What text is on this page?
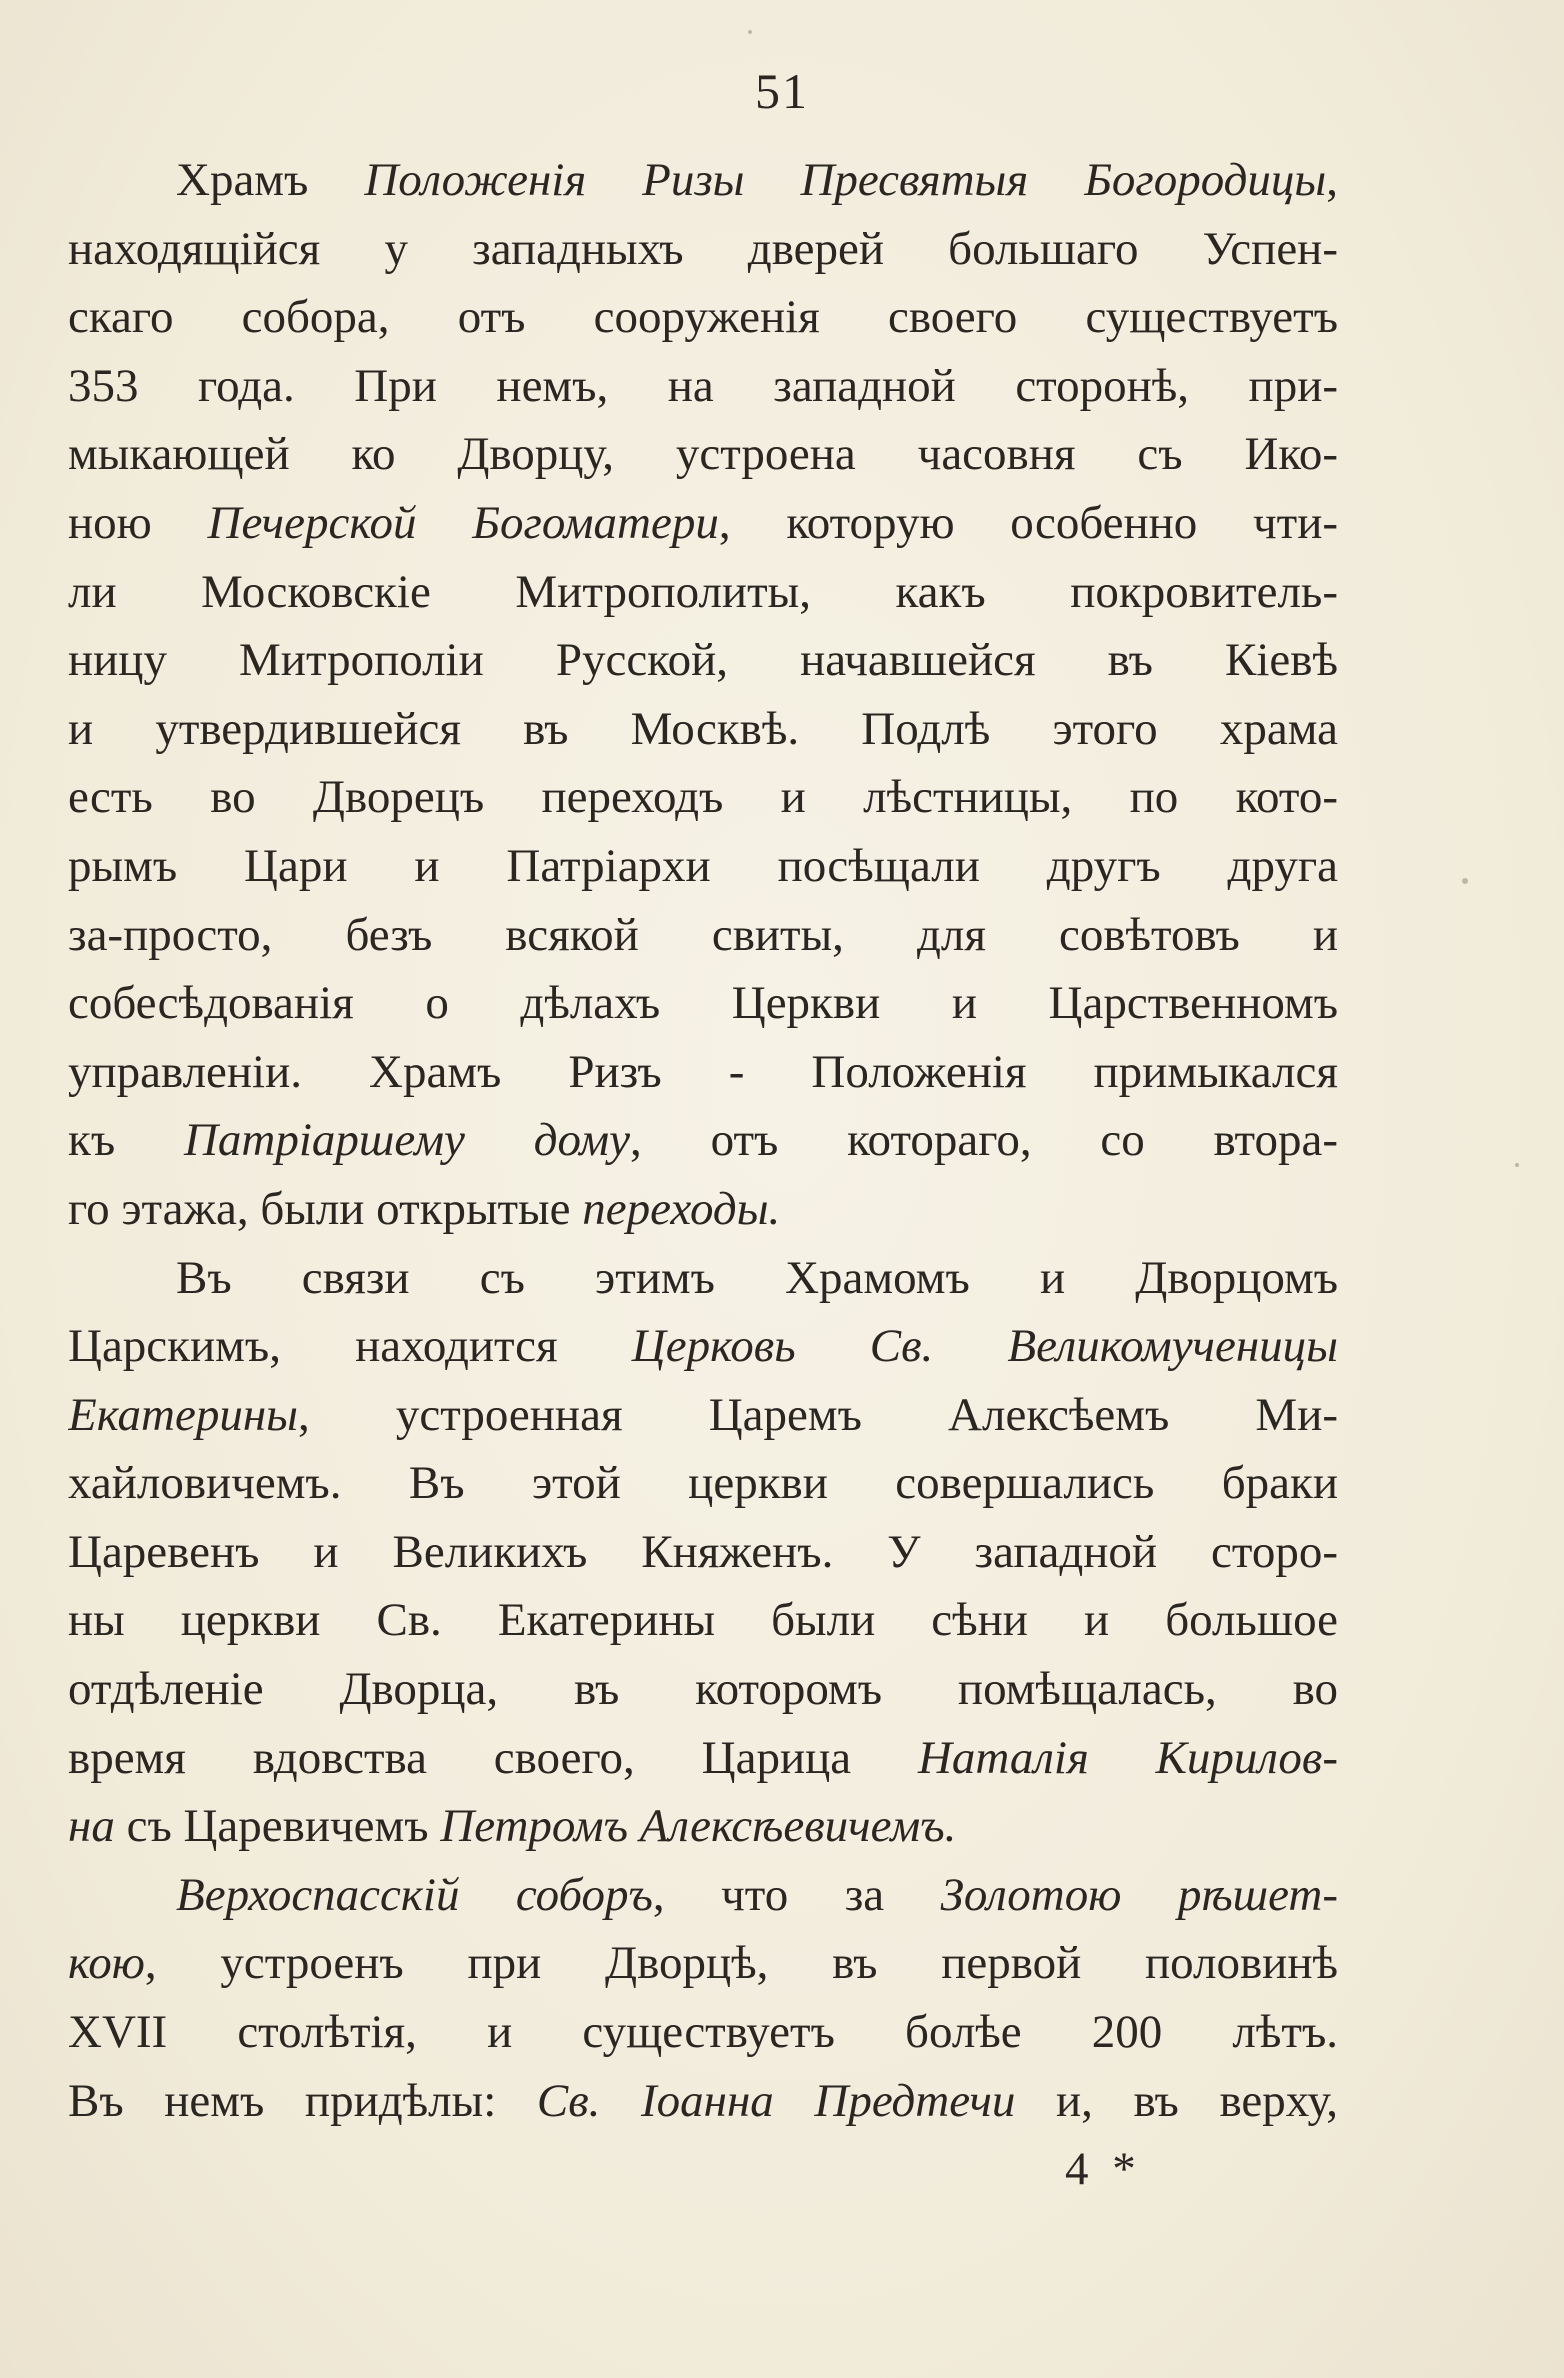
51
Храмъ Положенія Ризы Пресвятыя Богородицы,
находящійся у западныхъ дверей большаго Успен-
скаго собора, отъ сооруженія своего существуетъ
353 года. При немъ, на западной сторонѣ, при-
мыкающей ко Дворцу, устроена часовня съ Ико-
ною Печерской Богоматери, которую особенно чти-
ли Московскіе Митрополиты, какъ покровитель-
ницу Митрополіи Русской, начавшейся въ Кіевѣ
и утвердившейся въ Москвѣ. Подлѣ этого храма
есть во Дворецъ переходъ и лѣстницы, по кото-
рымъ Цари и Патріархи посѣщали другъ друга
за-просто, безъ всякой свиты, для совѣтовъ и
собесѣдованія о дѣлахъ Церкви и Царственномъ
управленіи. Храмъ Ризъ - Положенія примыкался
къ Патріаршему дому, отъ котораго, со втора-
го этажа, были открытые переходы.
Въ связи съ этимъ Храмомъ и Дворцомъ
Царскимъ, находится Церковь Св. Великомученицы
Екатерины, устроенная Царемъ Алексѣемъ Ми-
хайловичемъ. Въ этой церкви совершались браки
Царевенъ и Великихъ Княженъ. У западной сторо-
ны церкви Св. Екатерины были сѣни и большое
отдѣленіе Дворца, въ которомъ помѣщалась, во
время вдовства своего, Царица Наталія Кирилов-
на съ Царевичемъ Петромъ Алексѣевичемъ.
Верхоспасскій соборъ, что за Золотою рѣшет-
кою, устроенъ при Дворцѣ, въ первой половинѣ
XVII столѣтія, и существуетъ болѣе 200 лѣтъ.
Въ немъ придѣлы: Св. Іоанна Предтечи и, въ верху,
4 *
